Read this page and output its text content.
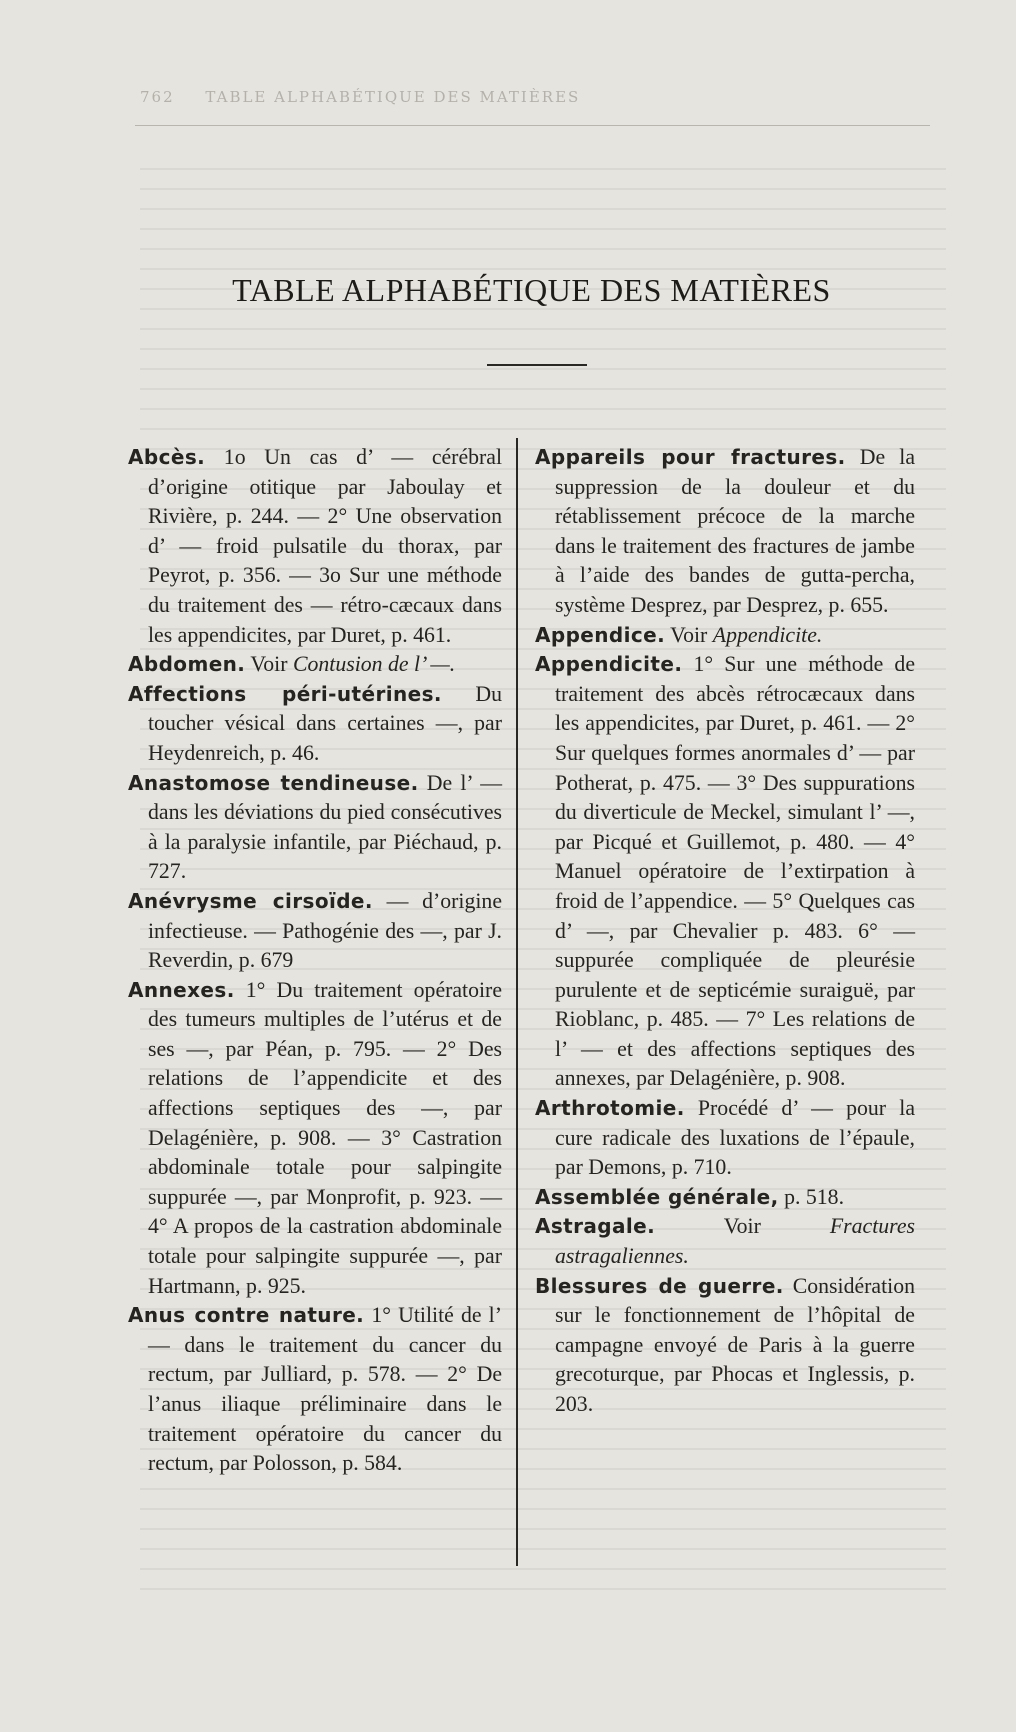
762 TABLE ALPHABÉTIQUE DES MATIÈRES
TABLE ALPHABÉTIQUE DES MATIÈRES

Abcès. 1o Un cas d’ — cérébral d’origine otitique par Jaboulay et Rivière, p. 244. — 2° Une observation d’ — froid pulsatile du thorax, par Peyrot, p. 356. — 3o Sur une méthode du traitement des — rétro-cæcaux dans les appendicites, par Duret, p. 461.

Abdomen. Voir Contusion de l’ —.

Affections péri-utérines. Du toucher vésical dans certaines —, par Heydenreich, p. 46.

Anastomose tendineuse. De l’ — dans les déviations du pied consécutives à la paralysie infantile, par Piéchaud, p. 727.

Anévrysme cirsoïde. — d’origine infectieuse. — Pathogénie des —, par J. Reverdin, p. 679

Annexes. 1° Du traitement opératoire des tumeurs multiples de l’utérus et de ses —, par Péan, p. 795. — 2° Des relations de l’appendicite et des affections septiques des —, par Delagénière, p. 908. — 3° Castration abdominale totale pour salpingite suppurée —, par Monprofit, p. 923. — 4° A propos de la castration abdominale totale pour salpingite suppurée —, par Hartmann, p. 925.

Anus contre nature. 1° Utilité de l’ — dans le traitement du cancer du rectum, par Julliard, p. 578. — 2° De l’anus iliaque préliminaire dans le traitement opératoire du cancer du rectum, par Polosson, p. 584.

Appareils pour fractures. De la suppression de la douleur et du rétablissement précoce de la marche dans le traitement des fractures de jambe à l’aide des bandes de gutta-percha, système Desprez, par Desprez, p. 655.

Appendice. Voir Appendicite.

Appendicite. 1° Sur une méthode de traitement des abcès rétrocæcaux dans les appendicites, par Duret, p. 461. — 2° Sur quelques formes anormales d’ — par Potherat, p. 475. — 3° Des suppurations du diverticule de Meckel, simulant l’ —, par Picqué et Guillemot, p. 480. — 4° Manuel opératoire de l’extirpation à froid de l’appendice. — 5° Quelques cas d’ —, par Chevalier p. 483. 6° — suppurée compliquée de pleurésie purulente et de septicémie suraiguë, par Rioblanc, p. 485. — 7° Les relations de l’ — et des affections septiques des annexes, par Delagénière, p. 908.

Arthrotomie. Procédé d’ — pour la cure radicale des luxations de l’épaule, par Demons, p. 710.

Assemblée générale, p. 518.

Astragale. Voir Fractures astragaliennes.

Blessures de guerre. Considération sur le fonctionnement de l’hôpital de campagne envoyé de Paris à la guerre grecoturque, par Phocas et Inglessis, p. 203.
